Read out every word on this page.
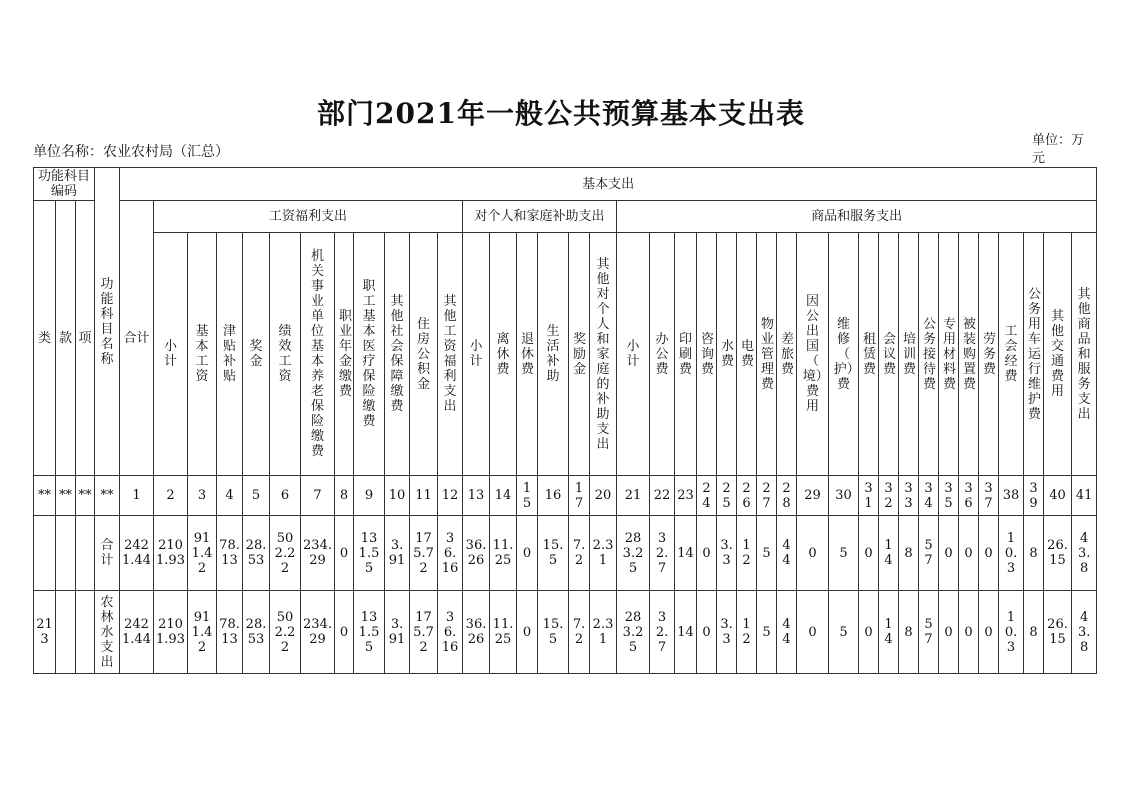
部门2021年一般公共预算基本支出表
单位名称：农业农村局（汇总）
单位：万元
功能科目编码			功能科目名称	基本支出																																						
类	款	项		合计	工资福利支出											对个人和家庭补助支出						商品和服务支出																				
					小计	基本工资	津贴补贴	奖金	绩效工资	机关事业单位基本养老保险缴费	职业年金缴费	职工基本医疗保险缴费	其他社会保障缴费	住房公积金	其他工资福利支出	小计	离休费	退休费	生活补助	奖励金	其他对个人和家庭的补助支出	小计	办公费	印刷费	咨询费	水费	电费	物业管理费	差旅费	因公出国（境）费用	维修（护）费	租赁费	会议费	培训费	公务接待费	专用材料费	被装购置费	劳务费	工会经费	公务用车运行维护费	其他交通费用	其他商品和服务支出
**	**	**	**	1	2	3	4	5	6	7	8	9	10	11	12	13	14	15	16	17	20	21	22	23	24	25	26	27	28	29	30	31	32	33	34	35	36	37	38	39	40	41
			合计	2421.44	2101.93	911.42	78.13	28.53	502.22	234.29	0	131.55	3.91	175.72	36.16	36.26	11.25	0	15.5	7.2	2.31	283.25	32.7	14	0	3.3	12	5	44	0	5	0	14	8	57	0	0	0	10.3	8	26.15	43.8
213			农林水支出	2421.44	2101.93	911.42	78.13	28.53	502.22	234.29	0	131.55	3.91	175.72	36.16	36.26	11.25	0	15.5	7.2	2.31	283.25	32.7	14	0	3.3	12	5	44	0	5	0	14	8	57	0	0	0	10.3	8	26.15	43.8
